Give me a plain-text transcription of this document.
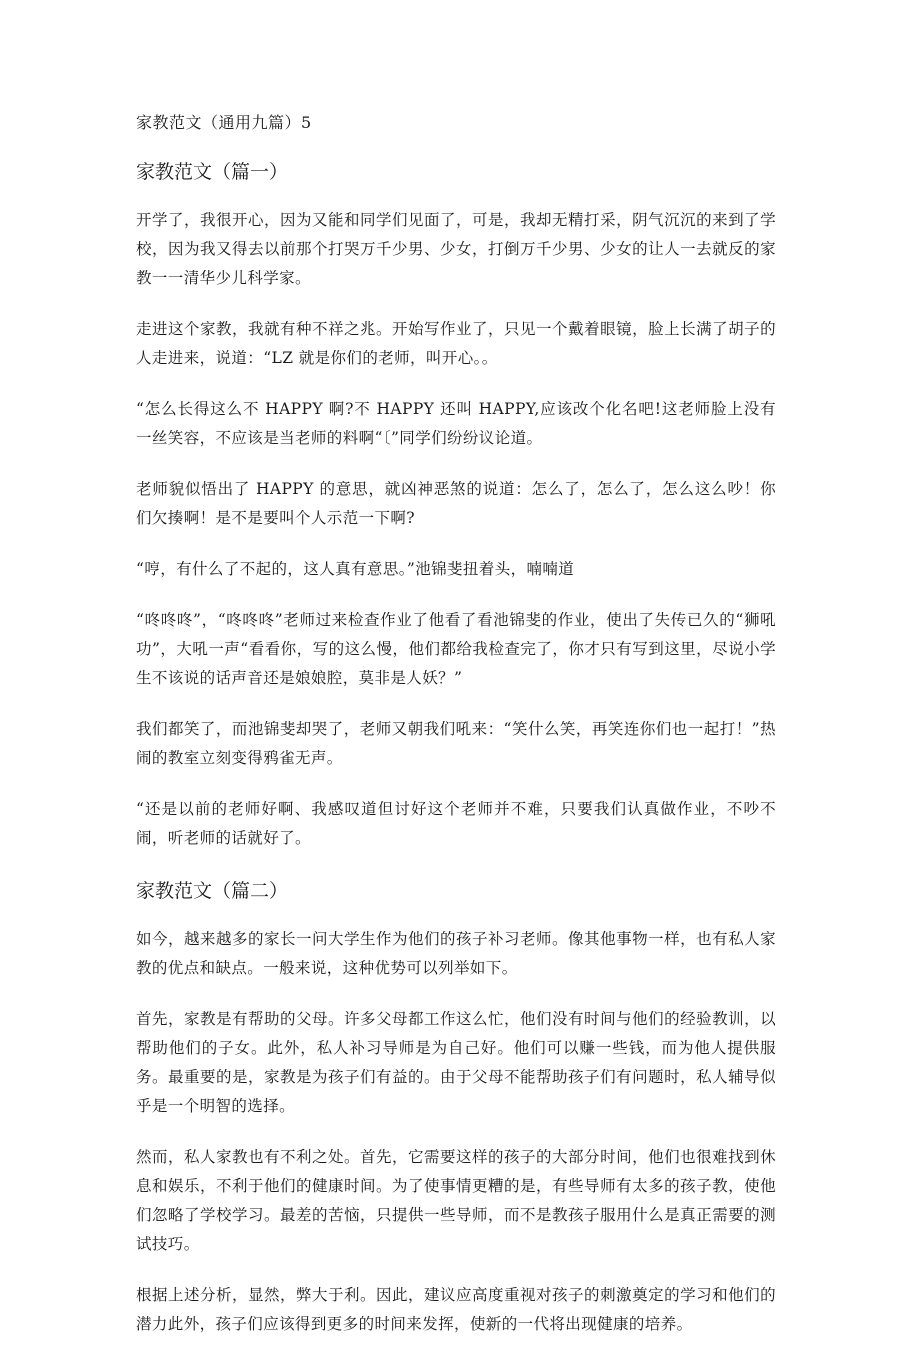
家教范文（通用九篇）5
家教范文（篇一）

开学了，我很开心，因为又能和同学们见面了，可是，我却无精打采，阴气沉沉的来到了学校，因为我又得去以前那个打哭万千少男、少女，打倒万千少男、少女的让人一去就反的家教一一清华少儿科学家。

走进这个家教，我就有种不祥之兆。开始写作业了，只见一个戴着眼镜，脸上长满了胡子的人走进来，说道：“LZ 就是你们的老师，叫开心。。

“怎么长得这么不 HAPPY 啊?不 HAPPY 还叫 HAPPY,应该改个化名吧!这老师脸上没有一丝笑容，不应该是当老师的料啊“〔”同学们纷纷议论道。

老师貌似悟出了 HAPPY 的意思，就凶神恶煞的说道：怎么了，怎么了，怎么这么吵！你们欠揍啊！是不是要叫个人示范一下啊?

“哼，有什么了不起的，这人真有意思。”池锦斐扭着头，喃喃道

“咚咚咚”，“咚咚咚”老师过来检查作业了他看了看池锦斐的作业，使出了失传已久的“狮吼功”，大吼一声“看看你，写的这么慢，他们都给我检查完了，你才只有写到这里，尽说小学生不该说的话声音还是娘娘腔，莫非是人妖？”

我们都笑了，而池锦斐却哭了，老师又朝我们吼来：“笑什么笑，再笑连你们也一起打！”热闹的教室立刻变得鸦雀无声。

“还是以前的老师好啊、我感叹道但讨好这个老师并不难，只要我们认真做作业，不吵不闹，听老师的话就好了。

家教范文（篇二）

如今，越来越多的家长一问大学生作为他们的孩子补习老师。像其他事物一样，也有私人家教的优点和缺点。一般来说，这种优势可以列举如下。

首先，家教是有帮助的父母。许多父母都工作这么忙，他们没有时间与他们的经验教训，以帮助他们的子女。此外，私人补习导师是为自己好。他们可以赚一些钱，而为他人提供服务。最重要的是，家教是为孩子们有益的。由于父母不能帮助孩子们有问题时，私人辅导似乎是一个明智的选择。

然而，私人家教也有不利之处。首先，它需要这样的孩子的大部分时间，他们也很难找到休息和娱乐，不利于他们的健康时间。为了使事情更糟的是，有些导师有太多的孩子教，使他们忽略了学校学习。最差的苦恼，只提供一些导师，而不是教孩子服用什么是真正需要的测试技巧。

根据上述分析，显然，弊大于利。因此，建议应高度重视对孩子的刺激奠定的学习和他们的潜力此外，孩子们应该得到更多的时间来发挥，使新的一代将出现健康的培养。
